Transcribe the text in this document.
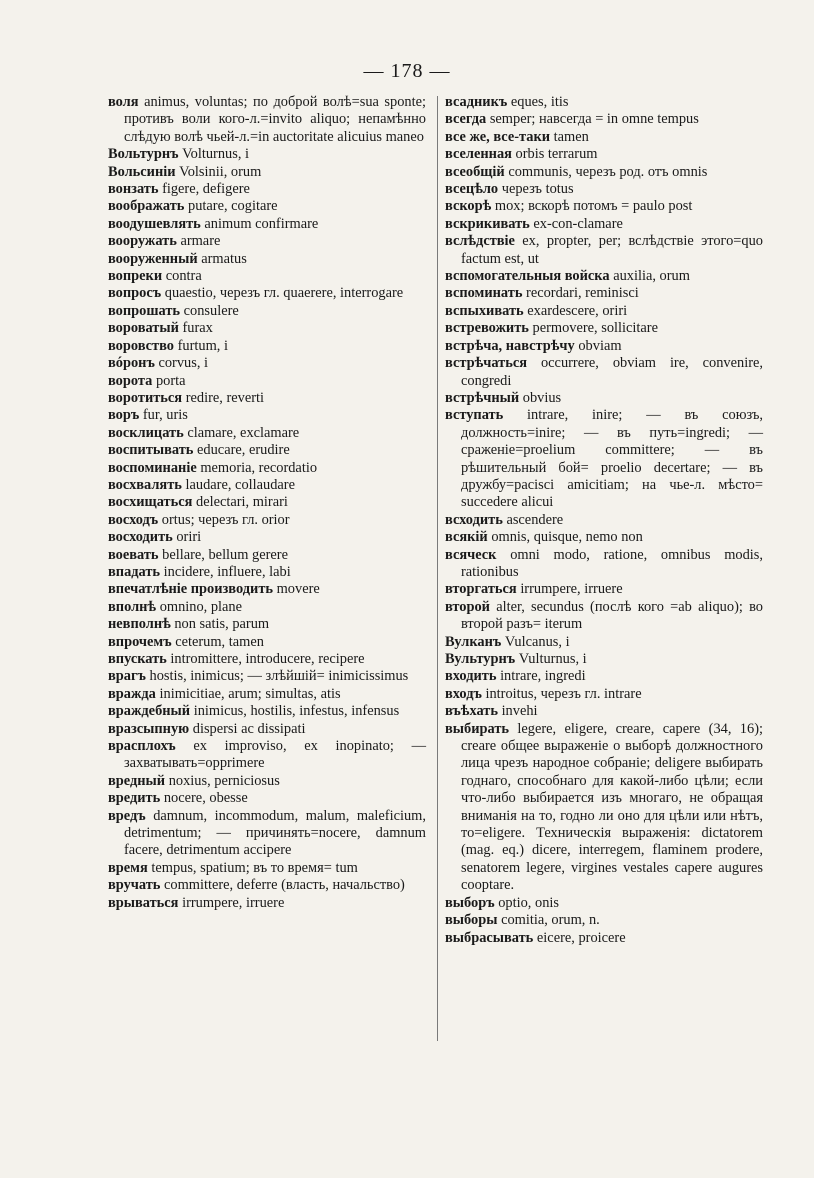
— 178 —

воля animus, voluntas; по доброй волѣ=sua sponte; противъ воли кого-л.=invito aliquo; непамѣнно слѣдую волѣ чьей-л.=in auctoritate alicuius maneo

Вольтурнъ Volturnus, i

Вольсиніи Volsinii, orum

вонзать figere, defigere

воображать putare, cogitare

воодушевлять animum confirmare

вооружать armare

вооруженный armatus

вопреки contra

вопросъ quaestio, черезъ гл. quaerere, interrogare

вопрошать consulere

вороватый furax

воровство furtum, i

вóронъ corvus, i

ворота porta

воротиться redire, reverti

воръ fur, uris

восклицать clamare, exclamare

воспитывать educare, erudire

воспоминаніе memoria, recordatio

восхвалять laudare, collaudare

восхищаться delectari, mirari

восходъ ortus; черезъ гл. orior

восходить oriri

воевать bellare, bellum gerere

впадать incidere, influere, labi

впечатлѣніе производить movere

вполнѣ omnino, plane

невполнѣ non satis, parum

впрочемъ ceterum, tamen

впускать intromittere, introducere, recipere

врагъ hostis, inimicus; — злѣйшій= inimicissimus

вражда inimicitiae, arum; simultas, atis

враждебный inimicus, hostilis, infestus, infensus

вразсыпную dispersi ac dissipati

врасплохъ ex improviso, ex inopinato; — захватывать=opprimere

вредный noxius, perniciosus

вредить nocere, obesse

вредъ damnum, incommodum, malum, maleficium, detrimentum; — причинять=nocere, damnum facere, detrimentum accipere

время tempus, spatium; въ то время= tum

вручать committere, deferre (власть, начальство)

врываться irrumpere, irruere

всадникъ eques, itis

всегда semper; навсегда = in omne tempus

все же, все-таки tamen

вселенная orbis terrarum

всеобщій communis, черезъ род. отъ omnis

всецѣло черезъ totus

вскорѣ mox; вскорѣ потомъ = paulo post

вскрикивать ex-con-clamare

вслѣдствіе ex, propter, per; вслѣдствіе этого=quo factum est, ut

вспомогательныя войска auxilia, orum

вспоминать recordari, reminisci

вспыхивать exardescere, oriri

встревожить permovere, sollicitare

встрѣча, навстрѣчу obviam

встрѣчаться occurrere, obviam ire, convenire, congredi

встрѣчный obvius

вступать intrare, inire; — въ союзъ, должность=inire; — въ путь=ingredi; — сраженіе=proelium committere; — въ рѣшительный бой= proelio decertare; — въ дружбу=pacisci amicitiam; на чье-л. мѣсто= succedere alicui

всходить ascendere

всякій omnis, quisque, nemo non

всяческ omni modo, ratione, omnibus modis, rationibus

вторгаться irrumpere, irruere

второй alter, secundus (послѣ кого =ab aliquo); во второй разъ= iterum

Вулканъ Vulcanus, i

Вультурнъ Vulturnus, i

входить intrare, ingredi

входъ introitus, черезъ гл. intrare

въѣхать invehi

выбирать legere, eligere, creare, capere (34, 16); creare общее выраженіе о выборѣ должностного лица чрезъ народное собраніе; deligere выбирать годнаго, способнаго для какой-либо цѣли; если что-либо выбирается изъ многаго, не обращая вниманія на то, годно ли оно для цѣли или нѣтъ, то=eligere. Техническія выраженія: dictatorem (mag. eq.) dicere, interregem, flaminem prodere, senatorem legere, virgines vestales capere augures cooptare.

выборъ optio, onis

выборы comitia, orum, n.

выбрасывать eicere, proicere
